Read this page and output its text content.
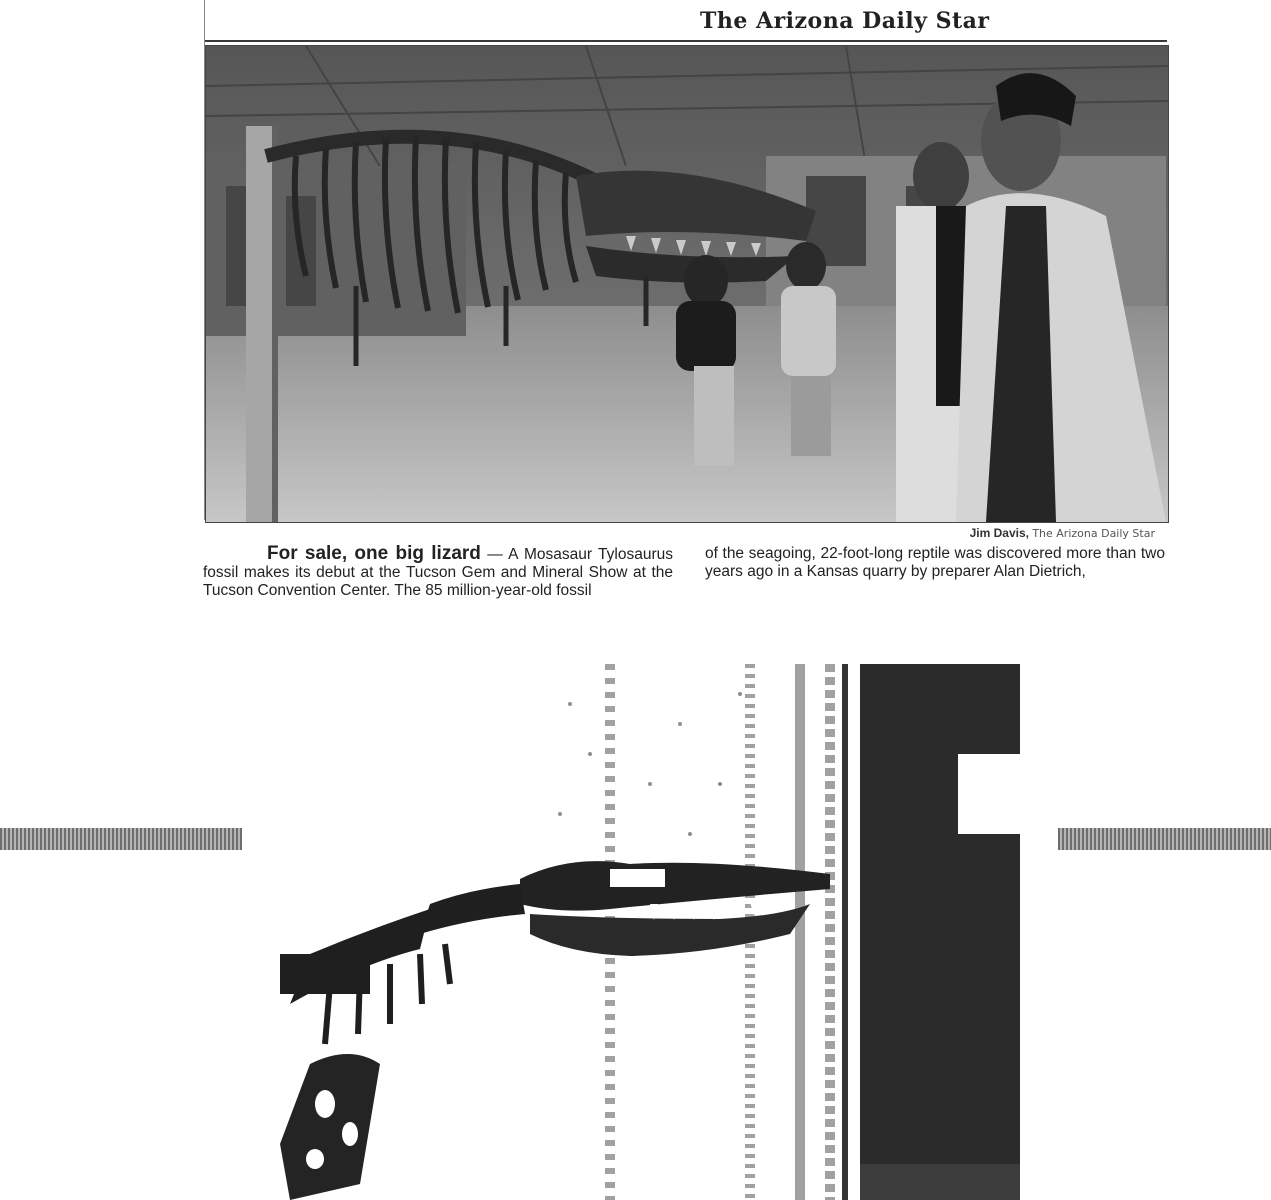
The Arizona Daily Star
Jim Davis, The Arizona Daily Star
For sale, one big lizard — A Mosasaur Tylosaurus fossil makes its debut at the Tucson Gem and Mineral Show at the Tucson Convention Center. The 85 million-year-old fossil
of the seagoing, 22-foot-long reptile was discovered more than two years ago in a Kansas quarry by preparer Alan Dietrich,
